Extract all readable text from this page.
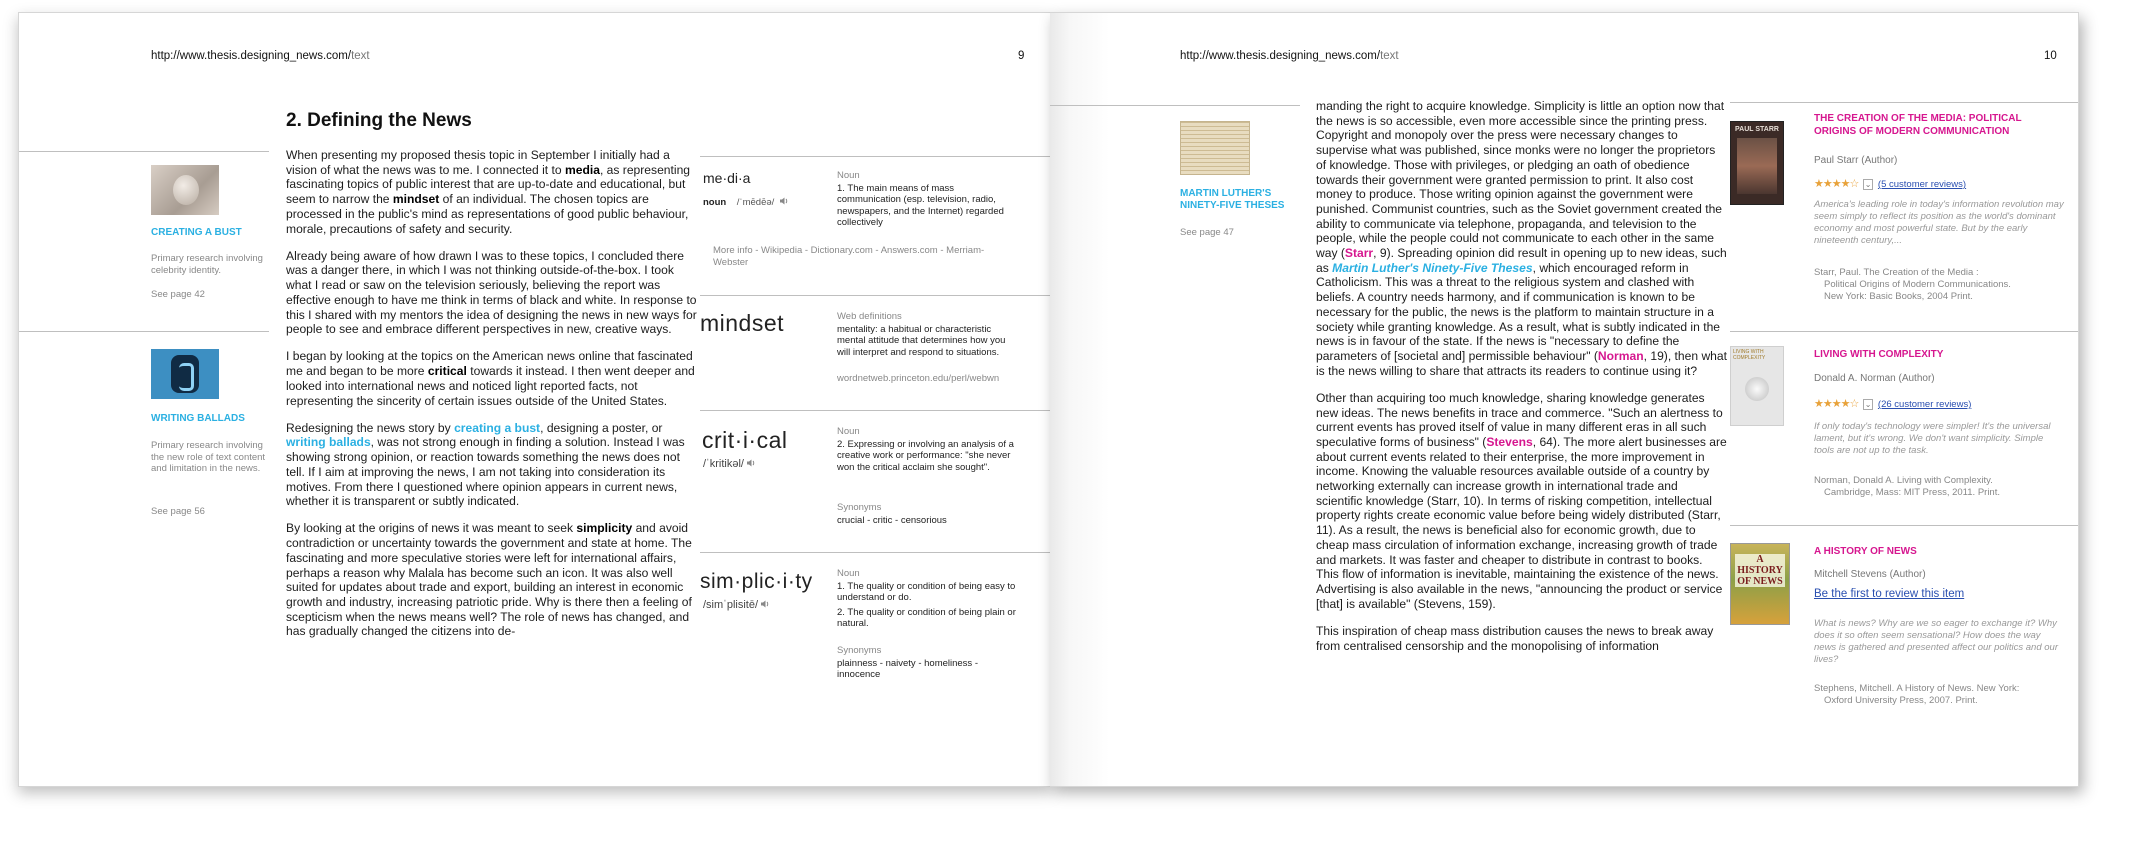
http://www.thesis.designing_news.com/text	9
CREATING A BUST
Primary research involving celebrity identity.
See page 42
WRITING BALLADS
Primary research involving the new role of text content and limitation in the news.
See page 56
2. Defining the News

When presenting my proposed thesis topic in September I initially had a vision of what the news was to me. I connected it to media, as representing fascinating topics of public interest that are up-to-date and educational, but seem to narrow the mindset of an individual. The chosen topics are processed in the public's mind as representations of good public behaviour, morale, precautions of safety and security.

Already being aware of how drawn I was to these topics, I concluded there was a danger there, in which I was not thinking outside-of-the-box. I took what I read or saw on the television seriously, believing the report was effective enough to have me think in terms of black and white. In response to this I shared with my mentors the idea of designing the news in new ways for people to see and embrace different perspectives in new, creative ways.

I began by looking at the topics on the American news online that fascinated me and began to be more critical towards it instead. I then went deeper and looked into international news and noticed light reported facts, not representing the sincerity of certain issues outside of the United States.

Redesigning the news story by creating a bust, designing a poster, or writing ballads, was not strong enough in finding a solution. Instead I was showing strong opinion, or reaction towards something the news does not tell. If I aim at improving the news, I am not taking into consideration its motives. From there I questioned where opinion appears in current news, whether it is transparent or subtly indicated.

By looking at the origins of news it was meant to seek simplicity and avoid contradiction or uncertainty towards the government and state at home. The fascinating and more speculative stories were left for international affairs, perhaps a reason why Malala has become such an icon. It was also well suited for updates about trade and export, building an interest in economic growth and industry, increasing patriotic pride. Why is there then a feeling of scepticism when the news means well? The role of news has changed, and has gradually changed the citizens into de-

me·di·a
noun /ˈmēdēə/
Noun
1. The main means of mass communication (esp. television, radio, newspapers, and the Internet) regarded collectively
More info - Wikipedia - Dictionary.com - Answers.com - Merriam-Webster
mindset	Web definitions
mentality: a habitual or characteristic mental attitude that determines how you will interpret and respond to situations.
wordnetweb.princeton.edu/perl/webwn
crit·i·cal
/ˈkritikəl/
Noun
2. Expressing or involving an analysis of a creative work or performance: "she never won the critical acclaim she sought".
Synonyms
crucial - critic - censorious
sim·plic·i·ty
/simˈplisitē/
Noun
1. The quality or condition of being easy to understand or do.
2. The quality or condition of being plain or natural.
Synonyms
plainness - naivety - homeliness - innocence
http://www.thesis.designing_news.com/text	10
MARTIN LUTHER'S NINETY-FIVE THESES
See page 47

manding the right to acquire knowledge. Simplicity is little an option now that the news is so accessible, even more accessible since the printing press. Copyright and monopoly over the press were necessary changes to supervise what was published, since monks were no longer the proprietors of knowledge. Those with privileges, or pledging an oath of obedience towards their government were granted permission to print. It also cost money to produce. Those writing opinion against the government were punished. Communist countries, such as the Soviet government created the ability to communicate via telephone, propaganda, and television to the people, while the people could not communicate to each other in the same way (Starr, 9). Spreading opinion did result in opening up to new ideas, such as Martin Luther's Ninety-Five Theses, which encouraged reform in Catholicism. This was a threat to the religious system and clashed with beliefs. A country needs harmony, and if communication is known to be necessary for the public, the news is the platform to maintain structure in a society while granting knowledge. As a result, what is subtly indicated in the news is in favour of the state. If the news is "necessary to define the parameters of [societal and] permissible behaviour" (Norman, 19), then what is the news willing to share that attracts its readers to continue using it?

Other than acquiring too much knowledge, sharing knowledge generates new ideas. The news benefits in trace and commerce. "Such an alertness to current events has proved itself of value in many different eras in all such speculative forms of business" (Stevens, 64). The more alert businesses are about current events related to their enterprise, the more improvement in income. Knowing the valuable resources available outside of a country by networking externally can increase growth in international trade and scientific knowledge (Starr, 10). In terms of risking competition, intellectual property rights create economic value before being widely distributed (Starr, 11). As a result, the news is beneficial also for economic growth, due to cheap mass circulation of information exchange, increasing growth of trade and markets. It was faster and cheaper to distribute in contrast to books. This flow of information is inevitable, maintaining the existence of the news. Advertising is also available in the news, "announcing the product or service [that] is available" (Stevens, 159).

This inspiration of cheap mass distribution causes the news to break away from centralised censorship and the monopolising of information

PAUL STARR
THE CREATION OF THE MEDIA: POLITICAL ORIGINS OF MODERN COMMUNICATION
Paul Starr (Author)
★★★★☆ ⌄ (5 customer reviews)
America's leading role in today's information revolution may seem simply to reflect its position as the world's dominant economy and most powerful state. But by the early nineteenth century,...
Starr, Paul. The Creation of the Media :
Political Origins of Modern Communications.
New York: Basic Books, 2004 Print.
LIVING WITH COMPLEXITY	LIVING WITH COMPLEXITY
Donald A. Norman (Author)
★★★★☆ ⌄ (26 customer reviews)
If only today's technology were simpler! It's the universal lament, but it's wrong. We don't want simplicity. Simple tools are not up to the task.
Norman, Donald A. Living with Complexity.
Cambridge, Mass: MIT Press, 2011. Print.
A HISTORY OF NEWS
A HISTORY OF NEWS
Mitchell Stevens (Author)
Be the first to review this item
What is news? Why are we so eager to exchange it? Why does it so often seem sensational? How does the way news is gathered and presented affect our politics and our lives?
Stephens, Mitchell. A History of News. New York:
Oxford University Press, 2007. Print.
